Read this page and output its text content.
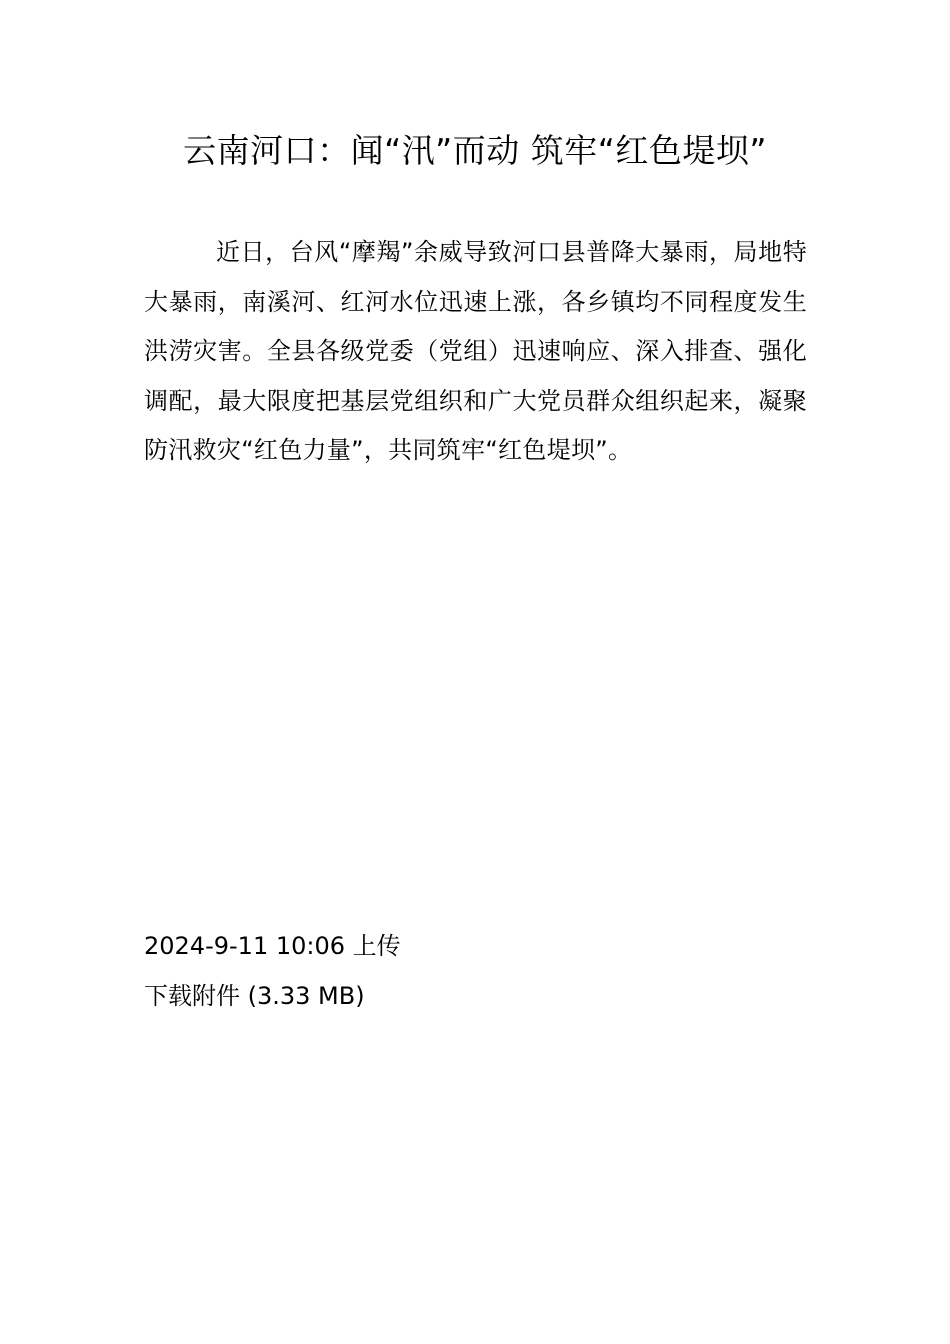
云南河口：闻“汛”而动 筑牢“红色堤坝”

近日，台风“摩羯”余威导致河口县普降大暴雨，局地特大暴雨，南溪河、红河水位迅速上涨，各乡镇均不同程度发生洪涝灾害。全县各级党委（党组）迅速响应、深入排查、强化调配，最大限度把基层党组织和广大党员群众组织起来，凝聚防汛救灾“红色力量”，共同筑牢“红色堤坝”。

2024-9-11 10:06 上传

下载附件 (3.33 MB)
